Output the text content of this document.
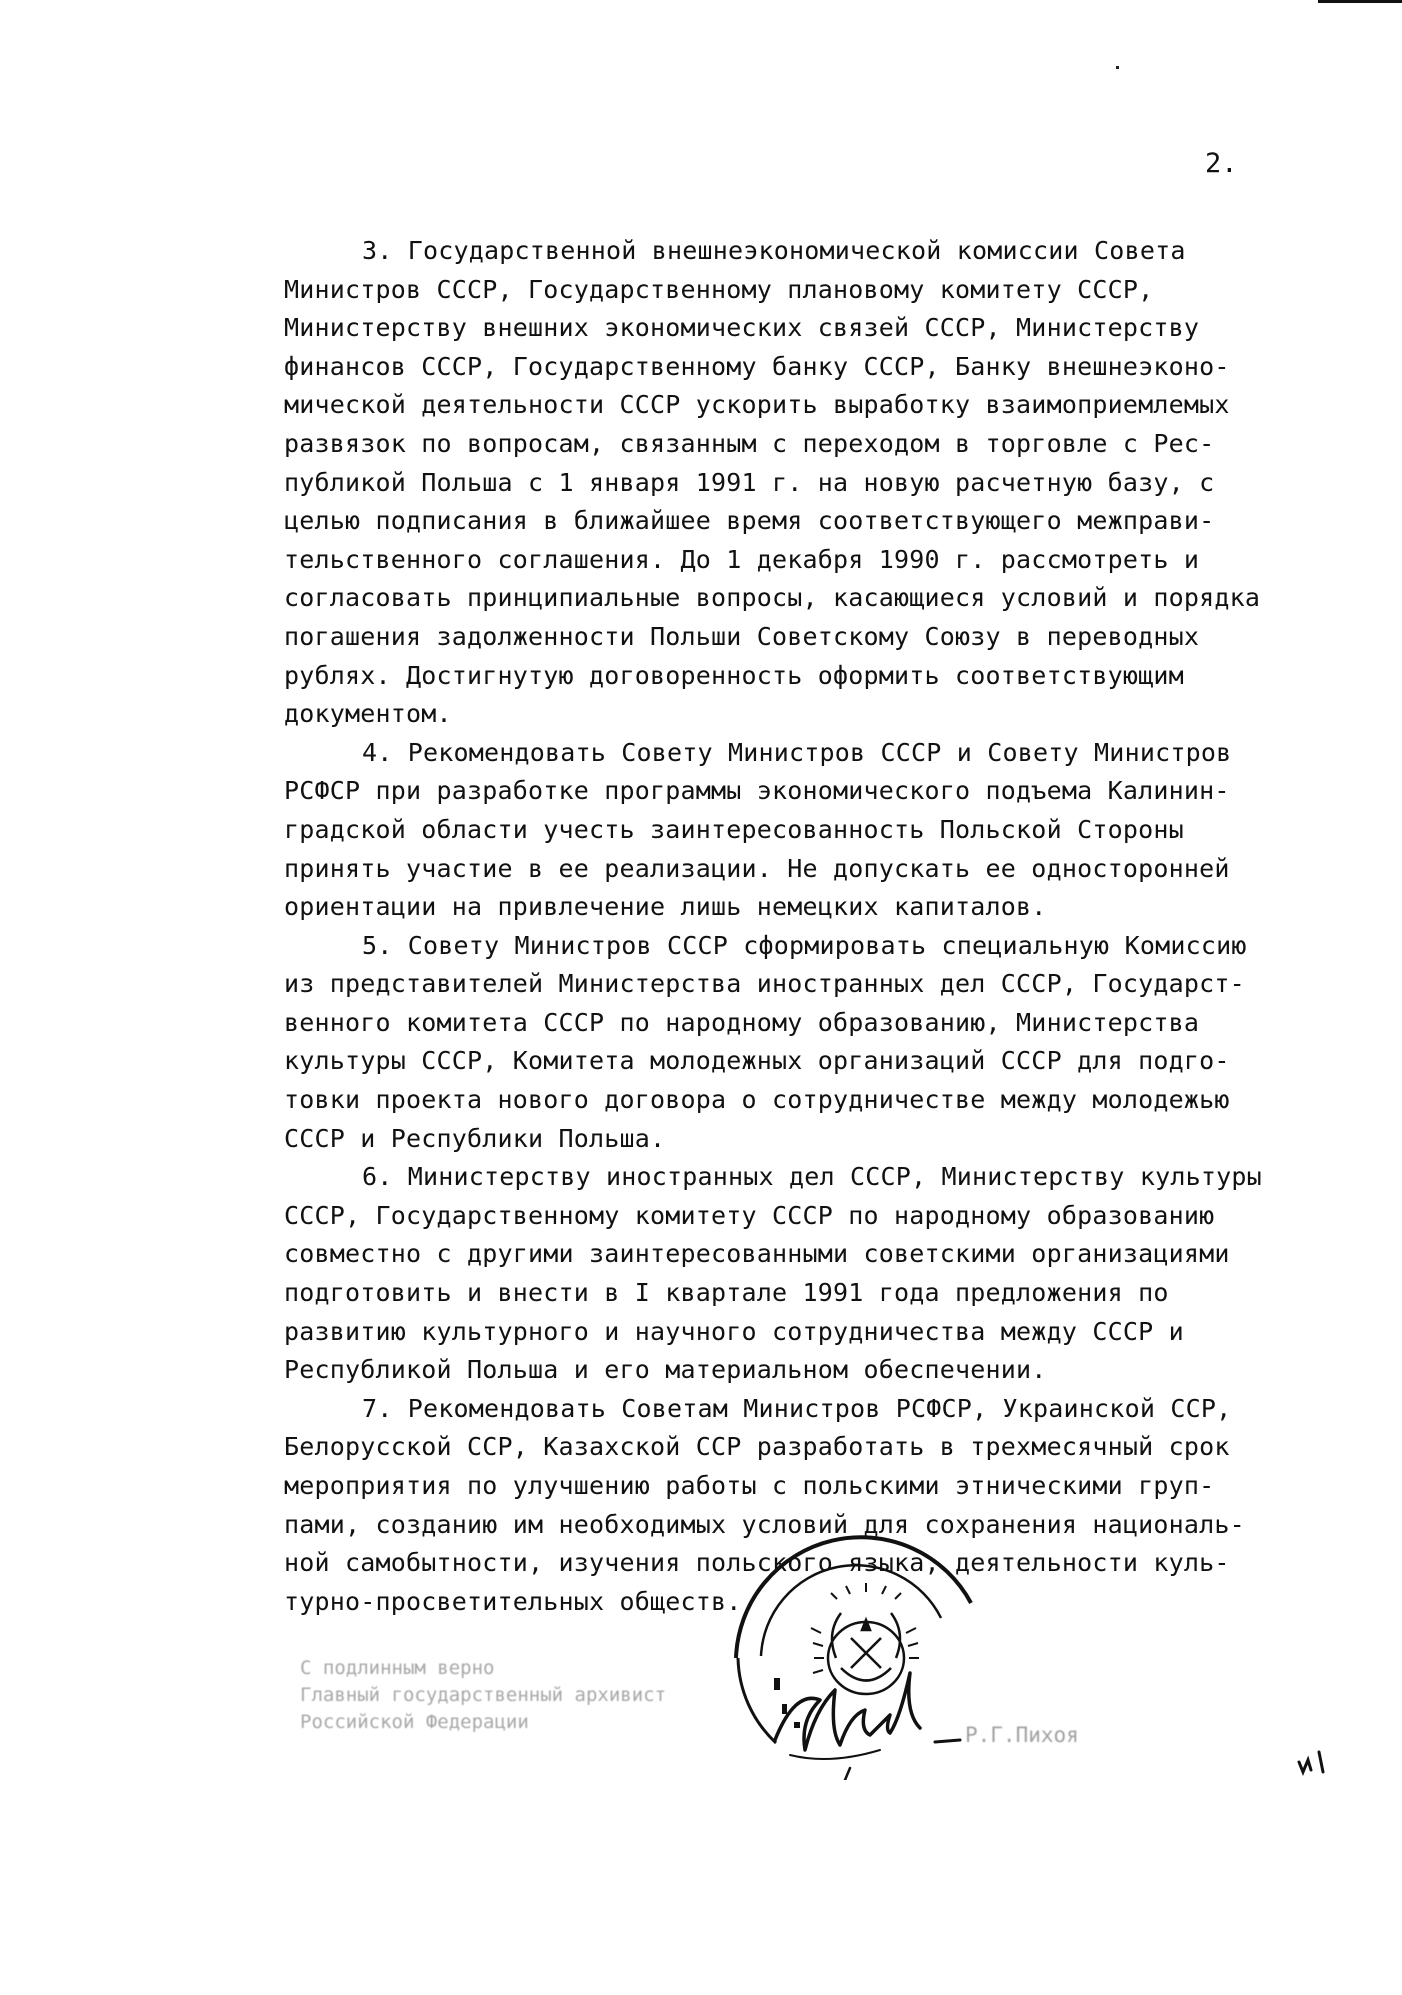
2.
3. Государственной внешнеэкономической комиссии Совета
Министров СССР, Государственному плановому комитету СССР,
Министерству внешних экономических связей СССР, Министерству
финансов СССР, Государственному банку СССР, Банку внешнеэконо-
мической деятельности СССР ускорить выработку взаимоприемлемых
развязок по вопросам, связанным с переходом в торговле с Рес-
публикой Польша с 1 января 1991 г. на новую расчетную базу, с
целью подписания в ближайшее время соответствующего межправи-
тельственного соглашения. До 1 декабря 1990 г. рассмотреть и
согласовать принципиальные вопросы, касающиеся условий и порядка
погашения задолженности Польши Советскому Союзу в переводных
рублях. Достигнутую договоренность оформить соответствующим
документом.
4. Рекомендовать Совету Министров СССР и Совету Министров
РСФСР при разработке программы экономического подъема Калинин-
градской области учесть заинтересованность Польской Стороны
принять участие в ее реализации. Не допускать ее односторонней
ориентации на привлечение лишь немецких капиталов.
5. Совету Министров СССР сформировать специальную Комиссию
из представителей Министерства иностранных дел СССР, Государст-
венного комитета СССР по народному образованию, Министерства
культуры СССР, Комитета молодежных организаций СССР для подго-
товки проекта нового договора о сотрудничестве между молодежью
СССР и Республики Польша.
6. Министерству иностранных дел СССР, Министерству культуры
СССР, Государственному комитету СССР по народному образованию
совместно с другими заинтересованными советскими организациями
подготовить и внести в I квартале 1991 года предложения по
развитию культурного и научного сотрудничества между СССР и
Республикой Польша и его материальном обеспечении.
7. Рекомендовать Советам Министров РСФСР, Украинской ССР,
Белорусской ССР, Казахской ССР разработать в трехмесячный срок
мероприятия по улучшению работы с польскими этническими груп-
пами, созданию им необходимых условий для сохранения националь-
ной самобытности, изучения польского языка, деятельности куль-
турно-просветительных обществ.
С подлинным верно
Главный государственный архивист
Российской Федерации
Р.Г.Пихоя
